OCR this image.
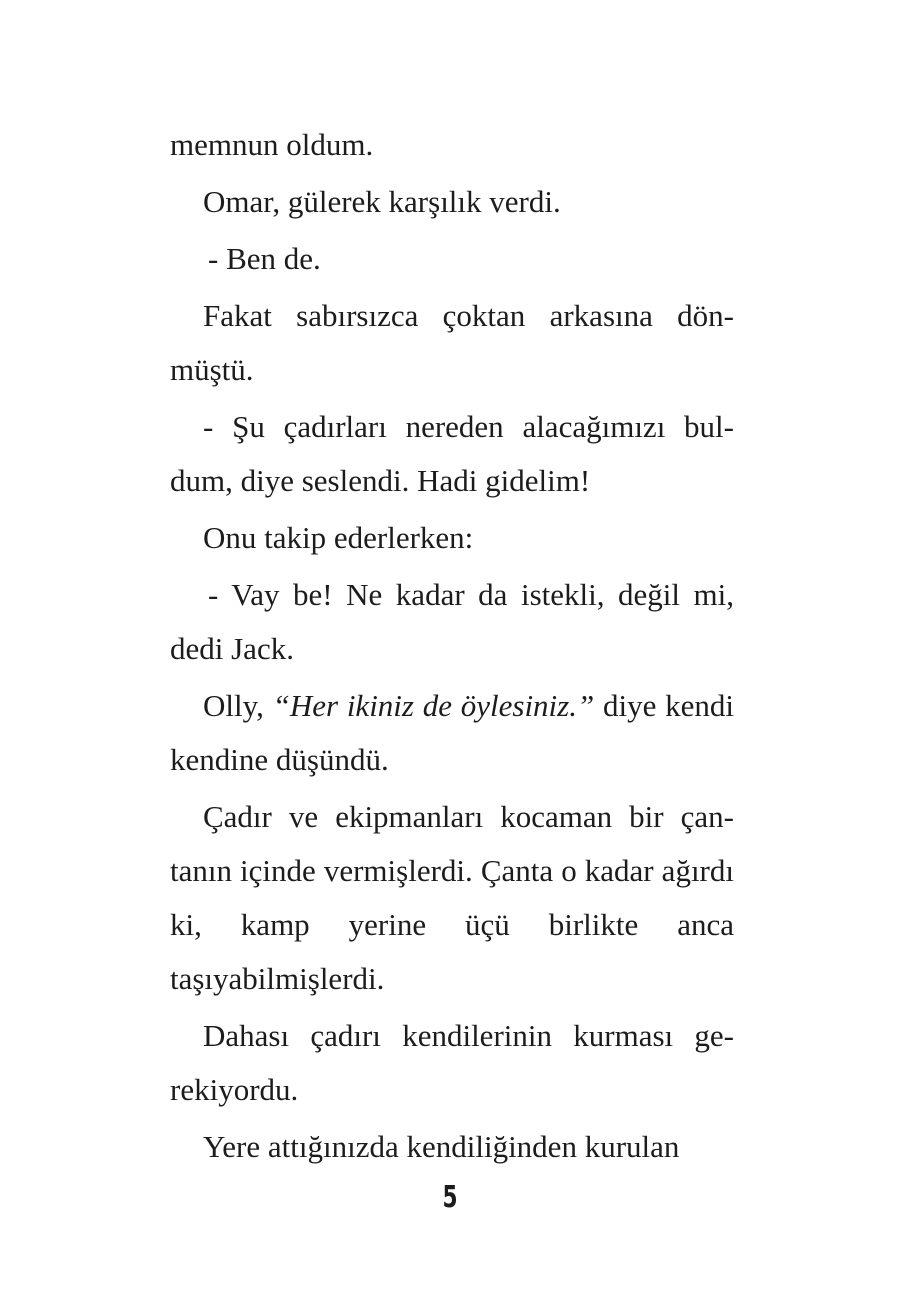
memnun oldum.

Omar, gülerek karşılık verdi.

- Ben de.

Fakat sabırsızca çoktan arkasına dön-müştü.

- Şu çadırları nereden alacağımızı bul-dum, diye seslendi. Hadi gidelim!

Onu takip ederlerken:

- Vay be! Ne kadar da istekli, değil mi, dedi Jack.

Olly, “Her ikiniz de öylesiniz.” diye kendi kendine düşündü.

Çadır ve ekipmanları kocaman bir çan-tanın içinde vermişlerdi. Çanta o kadar ağırdı ki, kamp yerine üçü birlikte anca taşıyabilmişlerdi.

Dahası çadırı kendilerinin kurması ge-rekiyordu.

Yere attığınızda kendiliğinden kurulan

5
